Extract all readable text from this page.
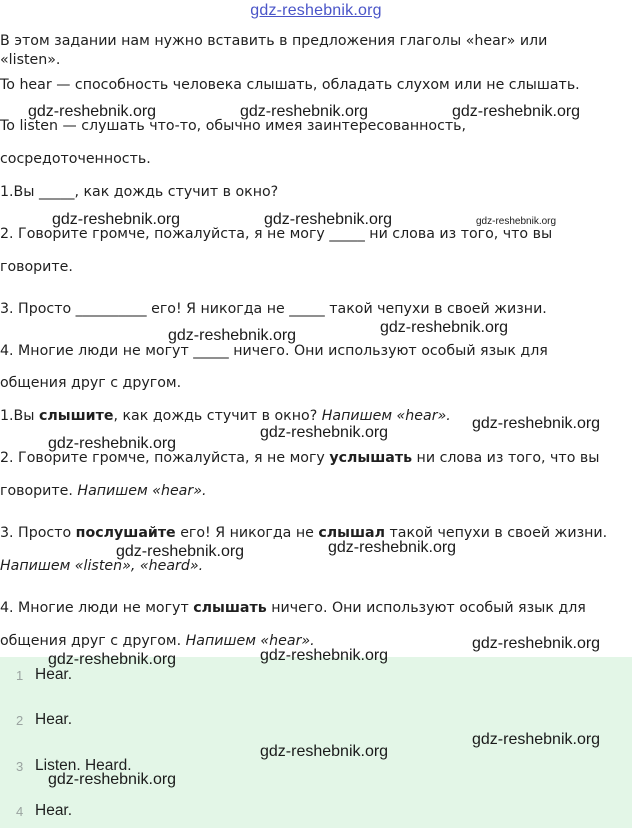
gdz-reshebnik.org
В этом задании нам нужно вставить в предложения глаголы «hear» или
«listen».
To hear — способность человека слышать, обладать слухом или не слышать.
To listen — слушать что-то, обычно имея заинтересованность,
сосредоточенность.
1.Вы _____, как дождь стучит в окно?
2. Говорите громче, пожалуйста, я не могу _____ ни слова из того, что вы
говорите.
3. Просто __________ его! Я никогда не _____ такой чепухи в своей жизни.
4. Многие люди не могут _____ ничего. Они используют особый язык для
общения друг с другом.
1.Вы слышите, как дождь стучит в окно? Напишем «hear».
2. Говорите громче, пожалуйста, я не могу услышать ни слова из того, что вы
говорите. Напишем «hear».
3. Просто послушайте его! Я никогда не слышал такой чепухи в своей жизни.
Напишем «listen», «heard».
4. Многие люди не могут слышать ничего. Они используют особый язык для
общения друг с другом. Напишем «hear».
1 Hear.
2 Hear.
3 Listen. Heard.
4 Hear.
gdz-reshebnik.org	gdz-reshebnik.org	gdz-reshebnik.org
gdz-reshebnik.org	gdz-reshebnik.org	gdz-reshebnik.org
gdz-reshebnik.org	gdz-reshebnik.org
gdz-reshebnik.org
gdz-reshebnik.org
gdz-reshebnik.org
gdz-reshebnik.org	gdz-reshebnik.org
gdz-reshebnik.org
gdz-reshebnik.org
gdz-reshebnik.org
gdz-reshebnik.org
gdz-reshebnik.org
gdz-reshebnik.org
